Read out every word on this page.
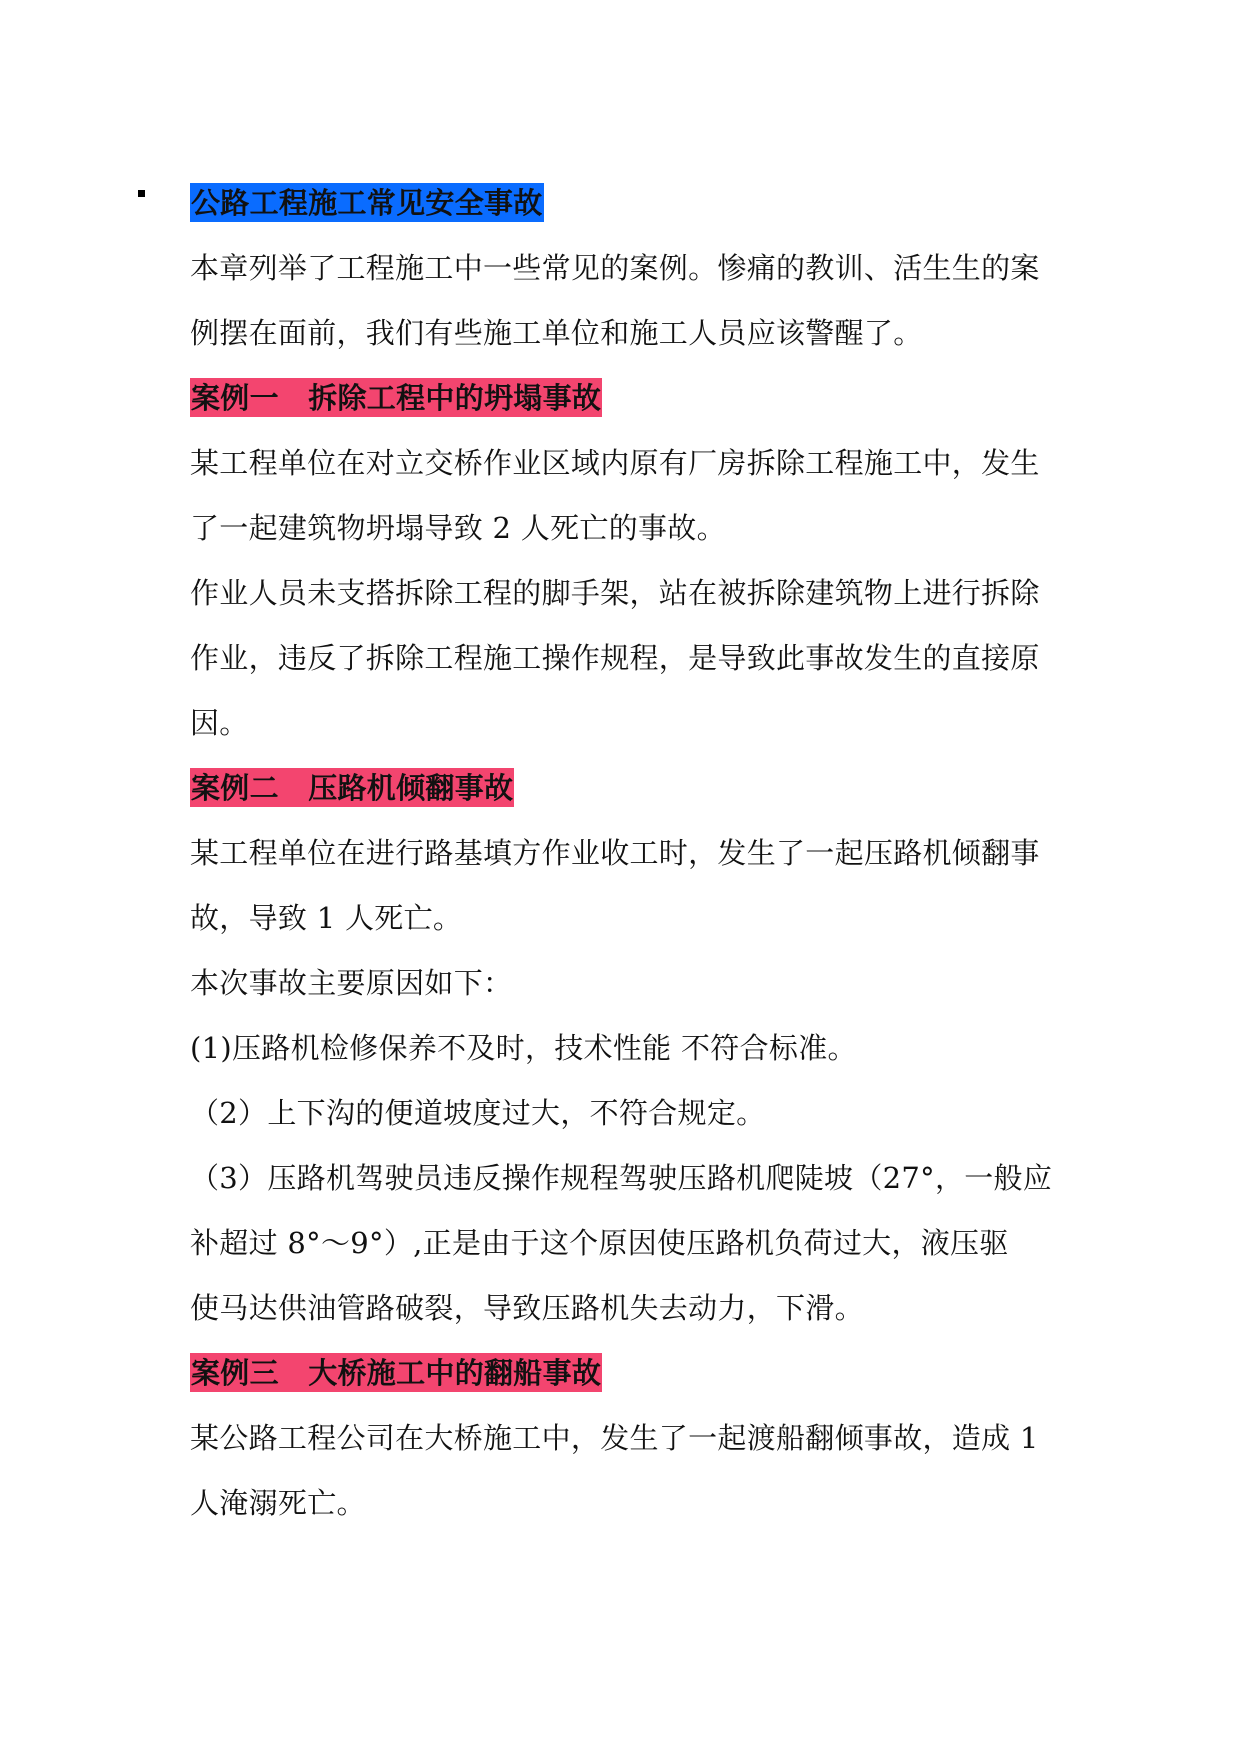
公路工程施工常见安全事故
本章列举了工程施工中一些常见的案例。惨痛的教训、活生生的案
例摆在面前，我们有些施工单位和施工人员应该警醒了。
案例一　拆除工程中的坍塌事故
某工程单位在对立交桥作业区域内原有厂房拆除工程施工中，发生
了一起建筑物坍塌导致 2 人死亡的事故。
作业人员未支搭拆除工程的脚手架，站在被拆除建筑物上进行拆除
作业，违反了拆除工程施工操作规程，是导致此事故发生的直接原
因。
案例二　压路机倾翻事故
某工程单位在进行路基填方作业收工时，发生了一起压路机倾翻事
故，导致 1 人死亡。
本次事故主要原因如下：
(1)压路机检修保养不及时，技术性能 不符合标准。
（2）上下沟的便道坡度过大，不符合规定。
（3）压路机驾驶员违反操作规程驾驶压路机爬陡坡（27°，一般应
补超过 8°～9°）,正是由于这个原因使压路机负荷过大，液压驱
使马达供油管路破裂，导致压路机失去动力，下滑。
案例三　大桥施工中的翻船事故
某公路工程公司在大桥施工中，发生了一起渡船翻倾事故，造成 1
人淹溺死亡。
